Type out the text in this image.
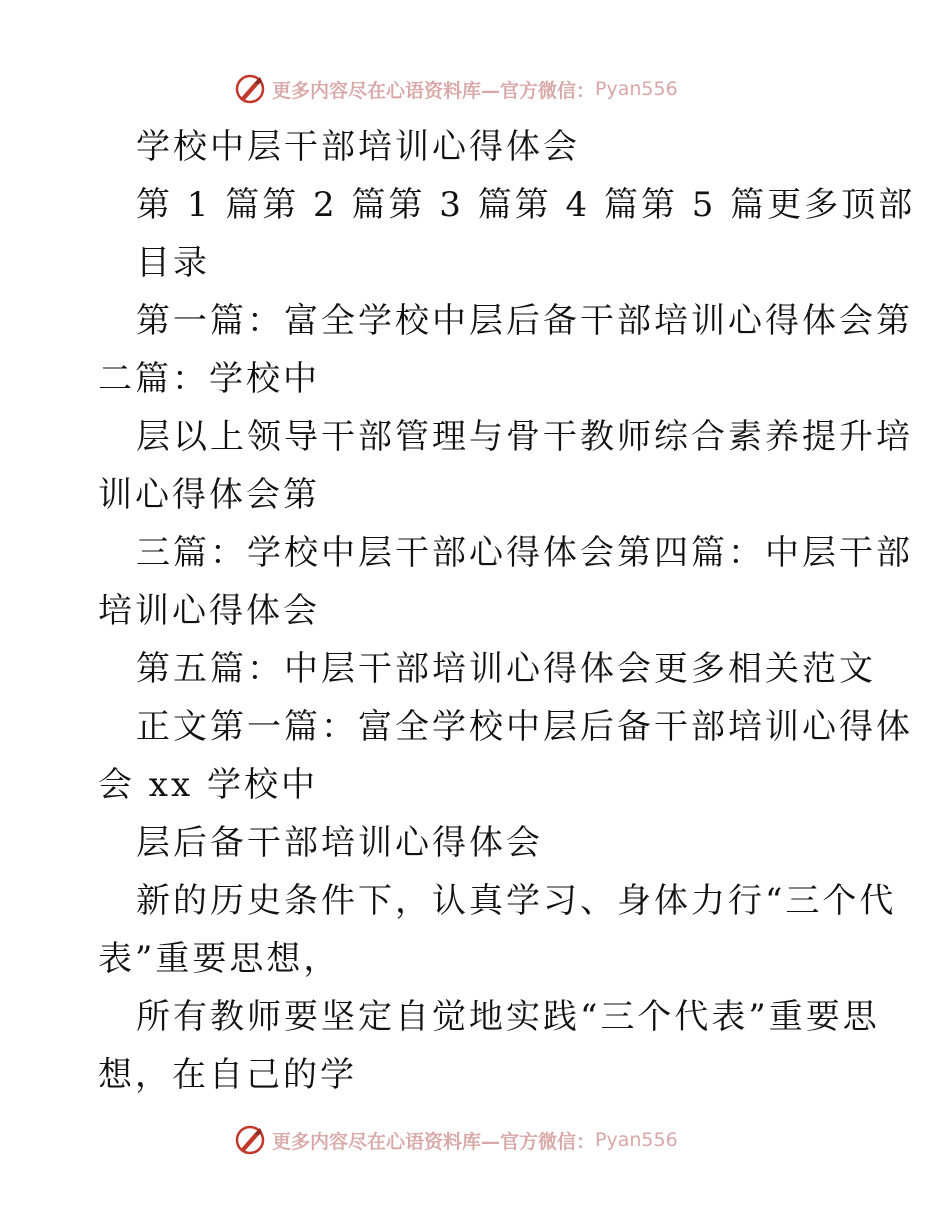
更多内容尽在心语资料库—官方微信： Pyan556
学校中层干部培训心得体会
第 1 篇第 2 篇第 3 篇第 4 篇第 5 篇更多顶部
目录
第一篇：富全学校中层后备干部培训心得体会第
二篇：学校中
层以上领导干部管理与骨干教师综合素养提升培
训心得体会第
三篇：学校中层干部心得体会第四篇：中层干部
培训心得体会
第五篇：中层干部培训心得体会更多相关范文
正文第一篇：富全学校中层后备干部培训心得体
会 xx 学校中
层后备干部培训心得体会
新的历史条件下，认真学习、身体力行“三个代
表”重要思想，
所有教师要坚定自觉地实践“三个代表”重要思
想，在自己的学
更多内容尽在心语资料库—官方微信： Pyan556
